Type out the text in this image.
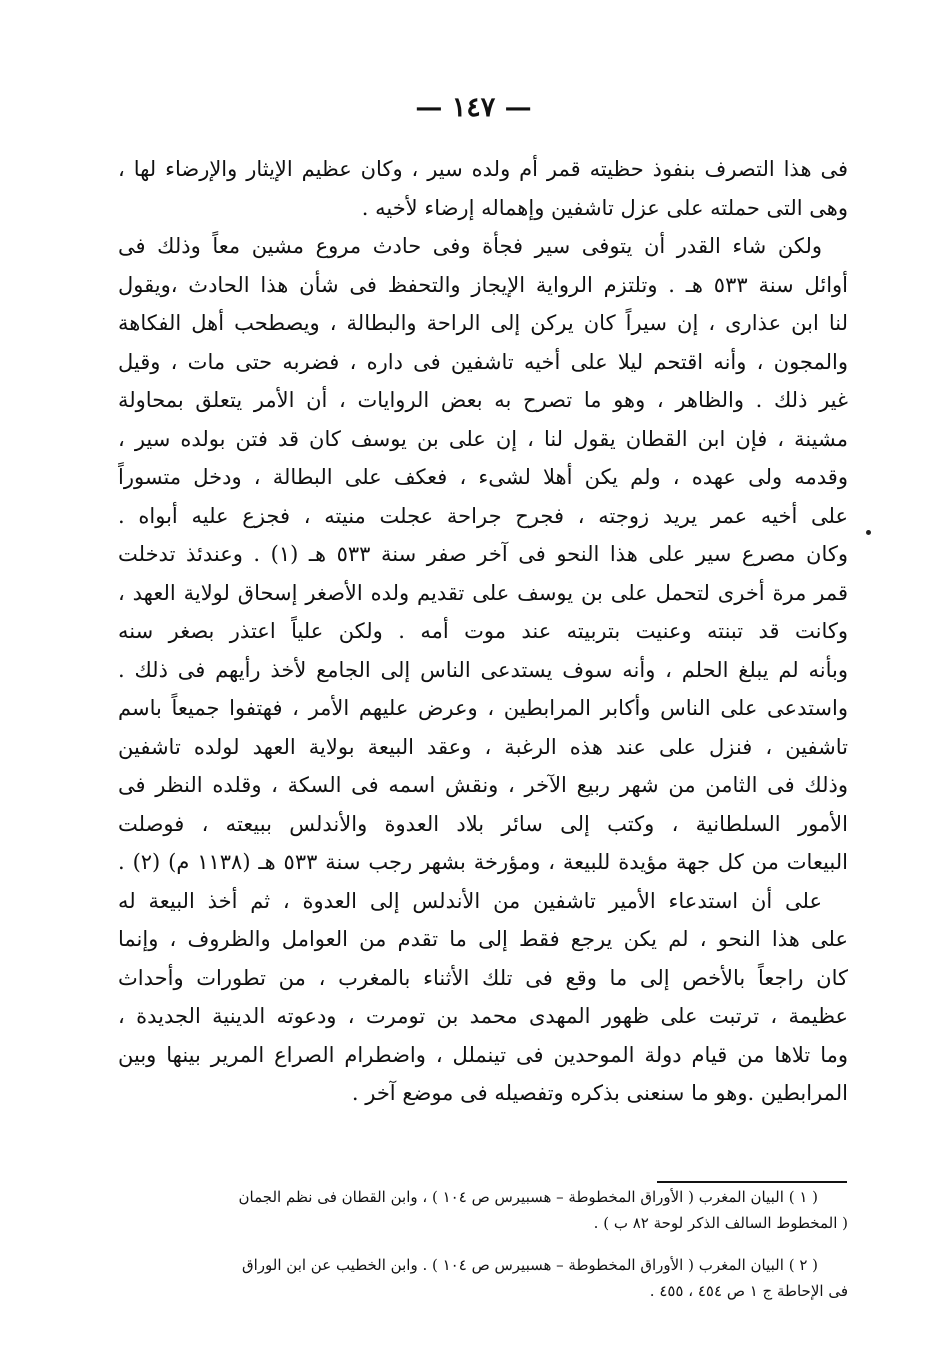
— ١٤٧ —
فى هذا التصرف بنفوذ حظيته قمر أم ولده سير ، وكان عظيم الإيثار والإرضاء لها ،
وهى التى حملته على عزل تاشفين وإهماله إرضاء لأخيه .
ولكن شاء القدر أن يتوفى سير فجأة وفى حادث مروع مشين معاً وذلك فى
أوائل سنة ٥٣٣ هـ . وتلتزم الرواية الإيجاز والتحفظ فى شأن هذا الحادث ،ويقول
لنا ابن عذارى ، إن سيراً كان يركن إلى الراحة والبطالة ، ويصطحب أهل الفكاهة
والمجون ، وأنه اقتحم ليلا على أخيه تاشفين فى داره ، فضربه حتى مات ، وقيل
غير ذلك . والظاهر ، وهو ما تصرح به بعض الروايات ، أن الأمر يتعلق بمحاولة
مشينة ، فإن ابن القطان يقول لنا ، إن على بن يوسف كان قد فتن بولده سير ،
وقدمه ولى عهده ، ولم يكن أهلا لشىء ، فعكف على البطالة ، ودخل متسوراً
على أخيه عمر يريد زوجته ، فجرح جراحة عجلت منيته ، فجزع عليه أبواه .
وكان مصرع سير على هذا النحو فى آخر صفر سنة ٥٣٣ هـ (١) . وعندئذ تدخلت
قمر مرة أخرى لتحمل على بن يوسف على تقديم ولده الأصغر إسحاق لولاية العهد ،
وكانت قد تبنته وعنيت بتربيته عند موت أمه . ولكن علياً اعتذر بصغر سنه
وبأنه لم يبلغ الحلم ، وأنه سوف يستدعى الناس إلى الجامع لأخذ رأيهم فى ذلك .
واستدعى على الناس وأكابر المرابطين ، وعرض عليهم الأمر ، فهتفوا جميعاً باسم
تاشفين ، فنزل على عند هذه الرغبة ، وعقد البيعة بولاية العهد لولده تاشفين
وذلك فى الثامن من شهر ربيع الآخر ، ونقش اسمه فى السكة ، وقلده النظر فى
الأمور السلطانية ، وكتب إلى سائر بلاد العدوة والأندلس ببيعته ، فوصلت
البيعات من كل جهة مؤيدة للبيعة ، ومؤرخة بشهر رجب سنة ٥٣٣ هـ (١١٣٨ م) (٢) .
على أن استدعاء الأمير تاشفين من الأندلس إلى العدوة ، ثم أخذ البيعة له
على هذا النحو ، لم يكن يرجع فقط إلى ما تقدم من العوامل والظروف ، وإنما
كان راجعاً بالأخص إلى ما وقع فى تلك الأثناء بالمغرب ، من تطورات وأحداث
عظيمة ، ترتبت على ظهور المهدى محمد بن تومرت ، ودعوته الدينية الجديدة ،
وما تلاها من قيام دولة الموحدين فى تينملل ، واضطرام الصراع المرير بينها وبين
المرابطين .وهو ما سنعنى بذكره وتفصيله فى موضع آخر .
( ١ ) البيان المغرب ( الأوراق المخطوطة – هسبيرس ص ١٠٤ ) ، وابن القطان فى نظم الجمان
( المخطوط السالف الذكر لوحة ٨٢ ب ) .
( ٢ ) البيان المغرب ( الأوراق المخطوطة – هسبيرس ص ١٠٤ ) . وابن الخطيب عن ابن الوراق
فى الإحاطة ج ١ ص ٤٥٤ ، ٤٥٥ .
